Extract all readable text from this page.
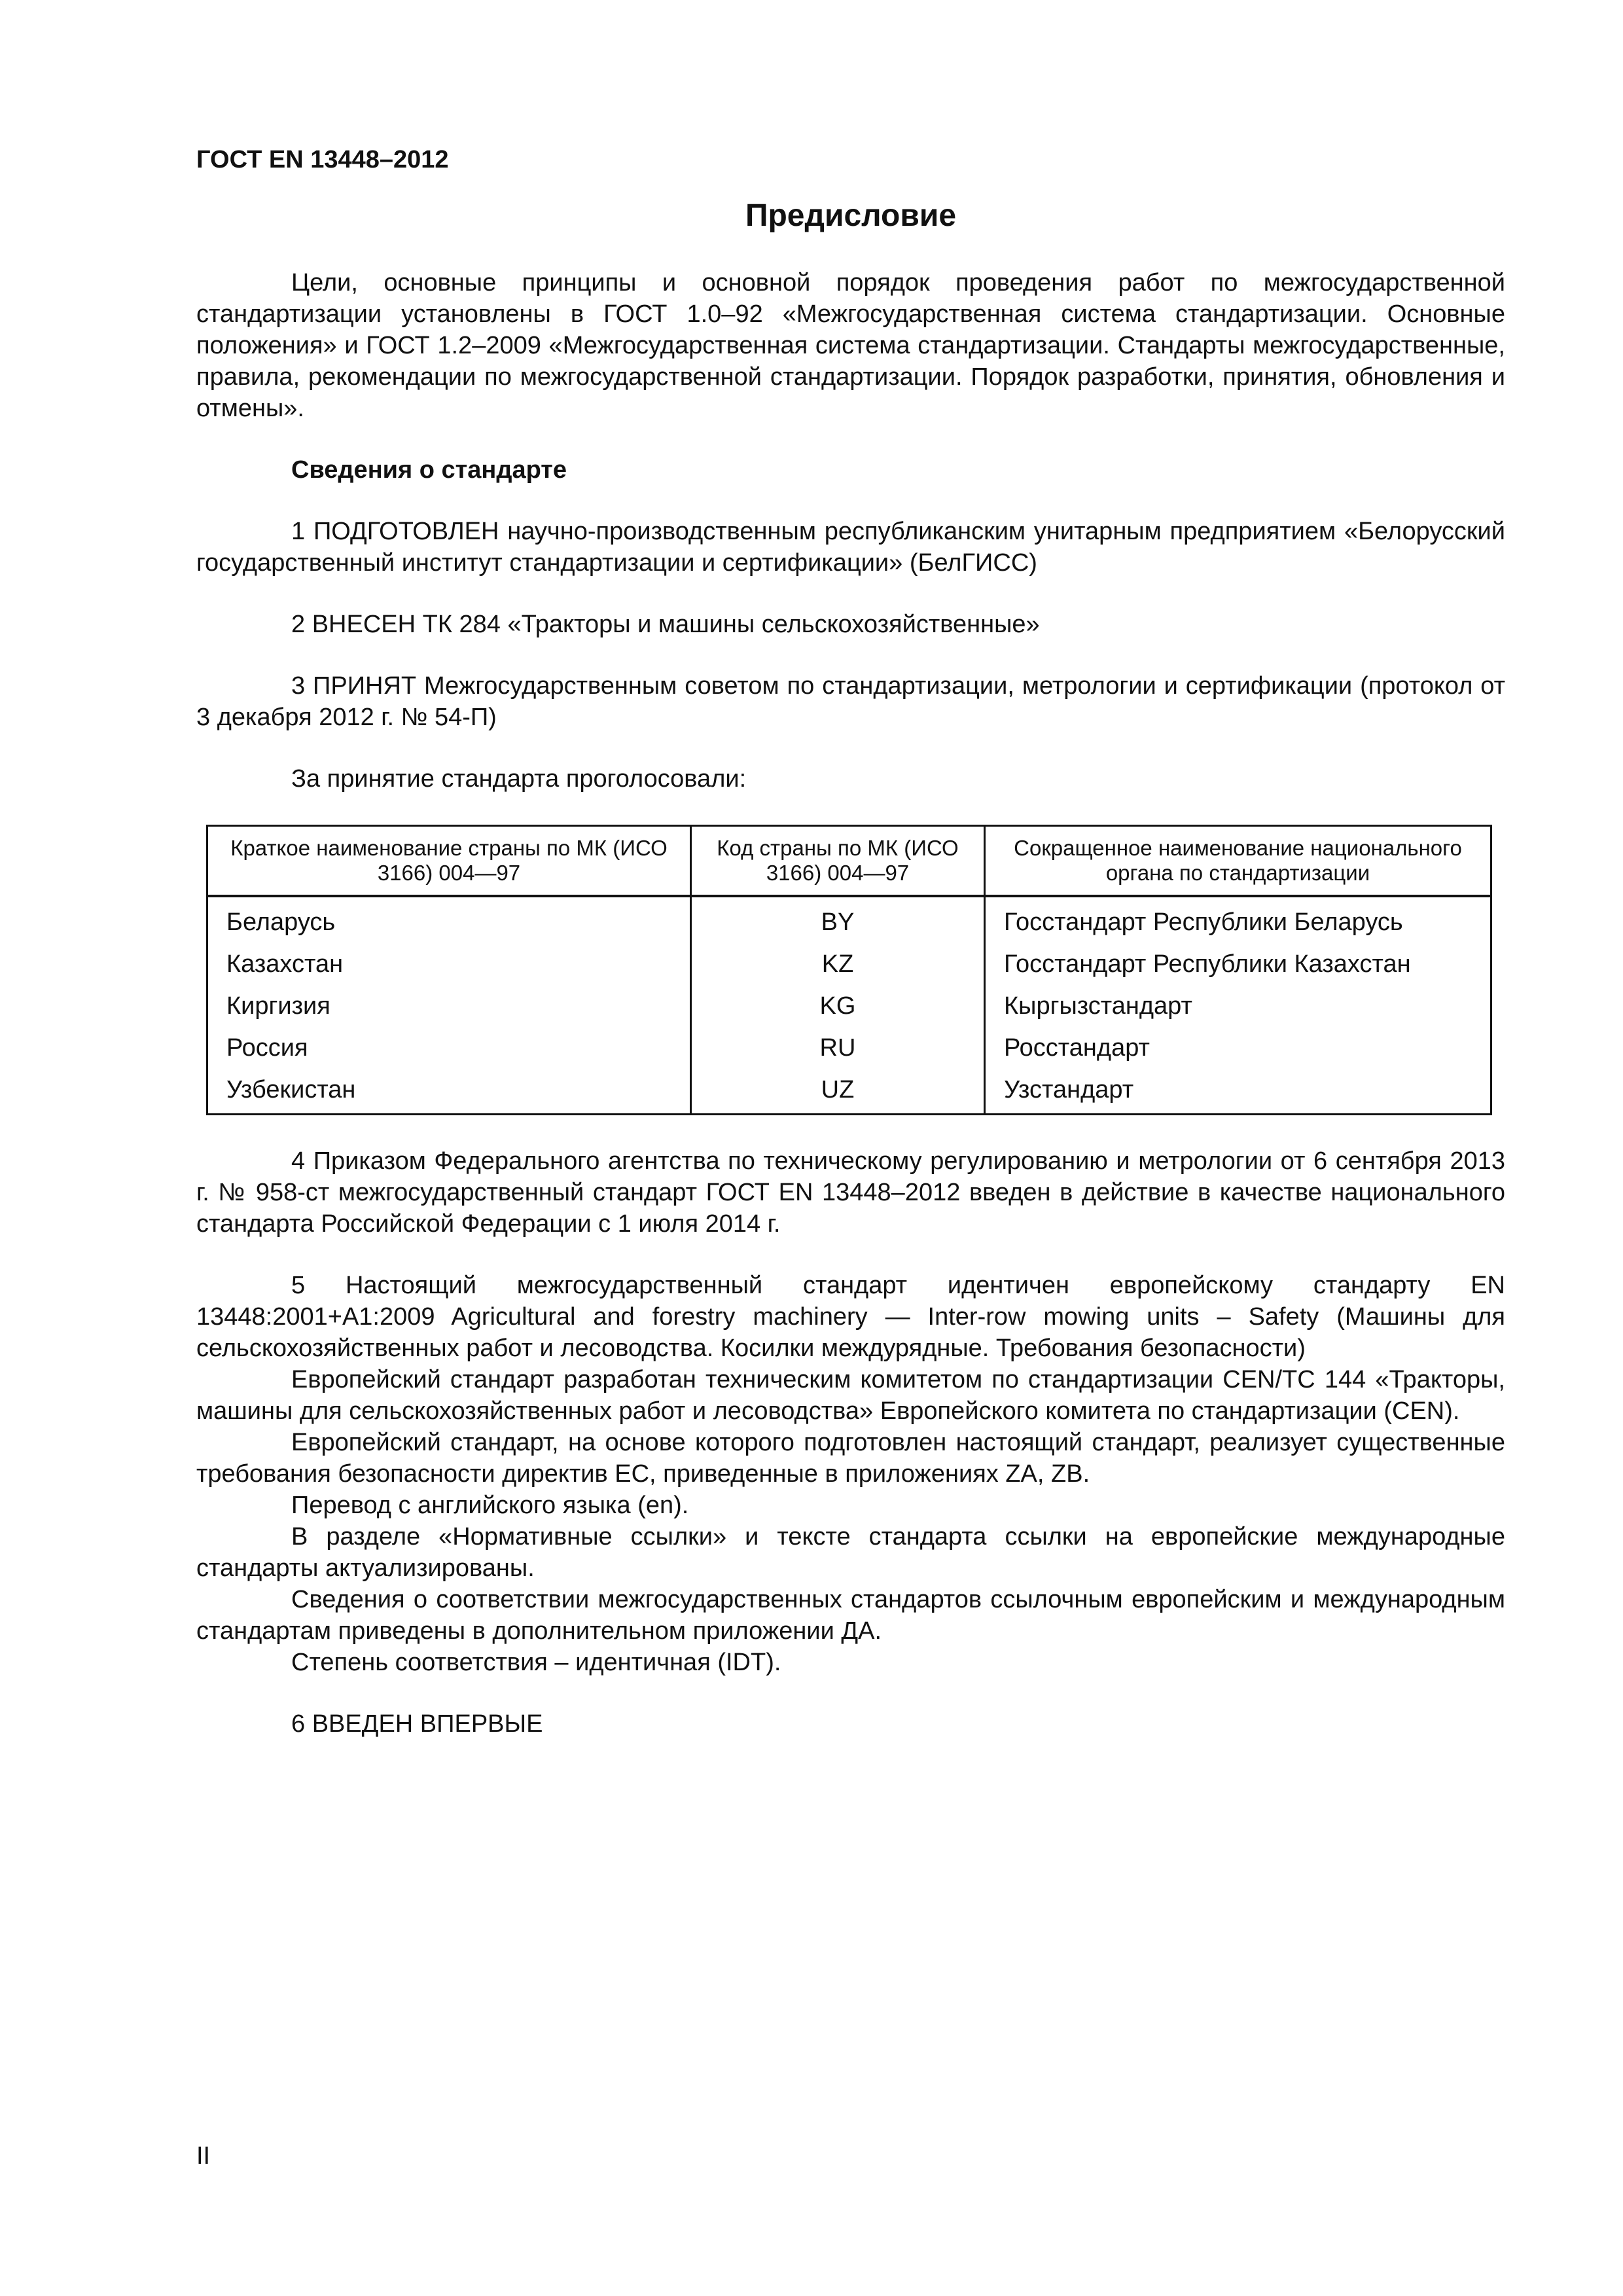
ГОСТ EN 13448–2012

Предисловие

Цели, основные принципы и основной порядок проведения работ по межгосударственной стандартизации установлены в ГОСТ 1.0–92 «Межгосударственная система стандартизации. Основные положения» и ГОСТ 1.2–2009 «Межгосударственная система стандартизации. Стандарты межгосударственные, правила, рекомендации по межгосударственной стандартизации. Порядок разработки, принятия, обновления и отмены».

Сведения о стандарте

1 ПОДГОТОВЛЕН научно-производственным республиканским унитарным предприятием «Белорусский государственный институт стандартизации и сертификации» (БелГИСС)

2 ВНЕСЕН ТК 284 «Тракторы и машины сельскохозяйственные»

3 ПРИНЯТ Межгосударственным советом по стандартизации, метрологии и сертификации (протокол от 3 декабря 2012 г. № 54-П)

За принятие стандарта проголосовали:

Краткое наименование страны по МК (ИСО 3166) 004—97	Код страны по МК (ИСО 3166) 004—97	Сокращенное наименование национального органа по стандартизации
Беларусь	BY	Госстандарт Республики Беларусь
Казахстан	KZ	Госстандарт Республики Казахстан
Киргизия	KG	Кыргызстандарт
Россия	RU	Росстандарт
Узбекистан	UZ	Узстандарт

4 Приказом Федерального агентства по техническому регулированию и метрологии от 6 сентября 2013 г. № 958-ст межгосударственный стандарт ГОСТ EN 13448–2012 введен в действие в качестве национального стандарта Российской Федерации с 1 июля 2014 г.

5 Настоящий межгосударственный стандарт идентичен европейскому стандарту EN 13448:2001+A1:2009 Agricultural and forestry machinery — Inter-row mowing units – Safety (Машины для сельскохозяйственных работ и лесоводства. Косилки междурядные. Требования безопасности)

Европейский стандарт разработан техническим комитетом по стандартизации CEN/TC 144 «Тракторы, машины для сельскохозяйственных работ и лесоводства» Европейского комитета по стандартизации (CEN).

Европейский стандарт, на основе которого подготовлен настоящий стандарт, реализует существенные требования безопасности директив ЕС, приведенные в приложениях ZA, ZB.

Перевод с английского языка (en).

В разделе «Нормативные ссылки» и тексте стандарта ссылки на европейские международные стандарты актуализированы.

Сведения о соответствии межгосударственных стандартов ссылочным европейским и международным стандартам приведены в дополнительном приложении ДА.

Степень соответствия – идентичная (IDT).

6 ВВЕДЕН ВПЕРВЫЕ

II
